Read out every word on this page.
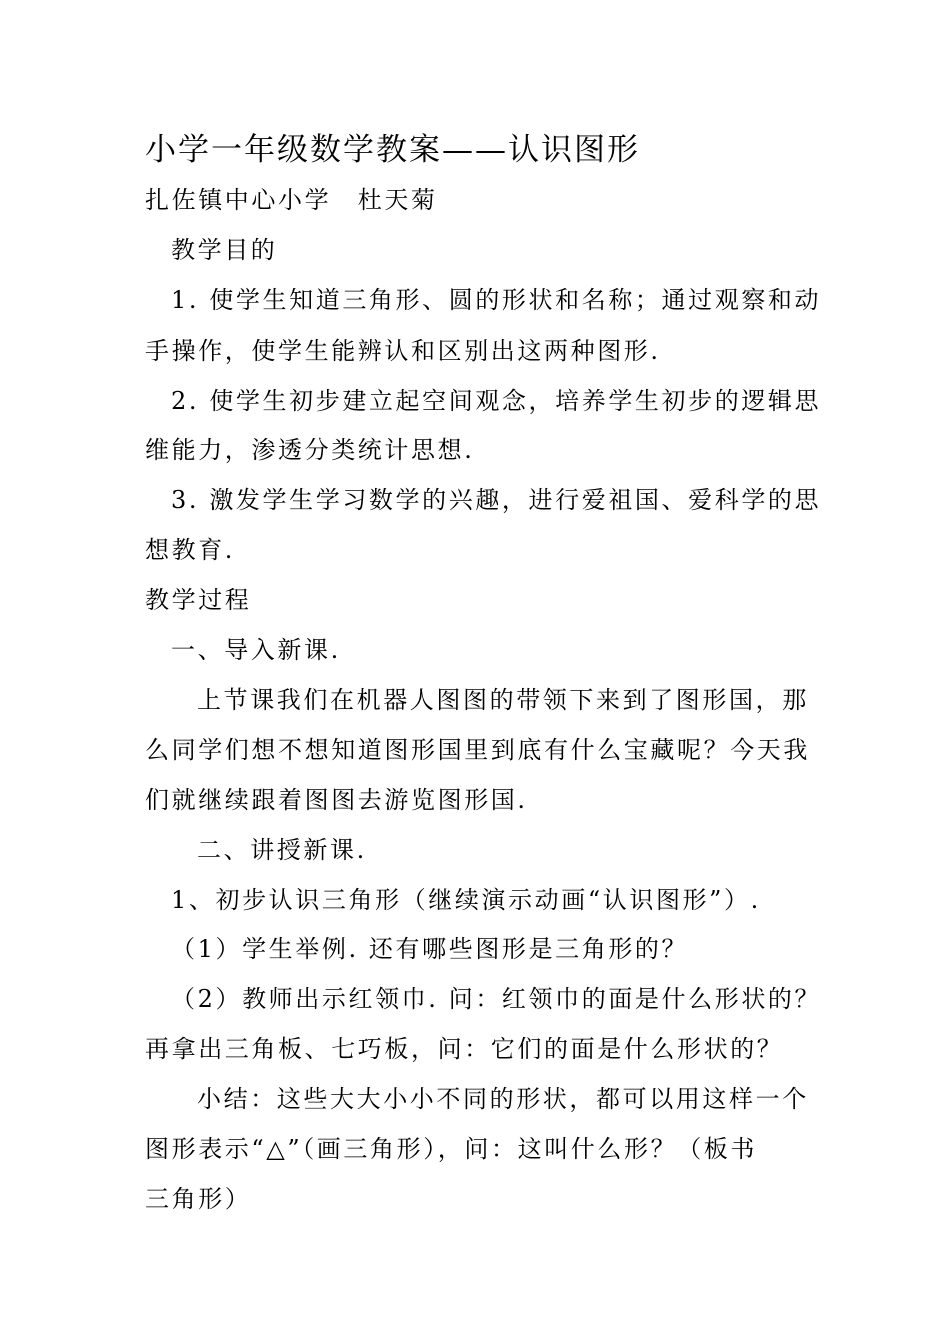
小学一年级数学教案——认识图形
扎佐镇中心小学　杜天菊
教学目的
1. 使学生知道三角形、圆的形状和名称；通过观察和动
手操作，使学生能辨认和区别出这两种图形.
2. 使学生初步建立起空间观念，培养学生初步的逻辑思
维能力，渗透分类统计思想.
3. 激发学生学习数学的兴趣，进行爱祖国、爱科学的思
想教育.
教学过程
一、导入新课.
上节课我们在机器人图图的带领下来到了图形国，那
么同学们想不想知道图形国里到底有什么宝藏呢？今天我
们就继续跟着图图去游览图形国.
二、讲授新课.
1、初步认识三角形（继续演示动画“认识图形”）.
（1）学生举例. 还有哪些图形是三角形的？
（2）教师出示红领巾. 问：红领巾的面是什么形状的？
再拿出三角板、七巧板，问：它们的面是什么形状的？
小结：这些大大小小不同的形状，都可以用这样一个
图形表示“△”（画三角形），问：这叫什么形？（板书
三角形）
